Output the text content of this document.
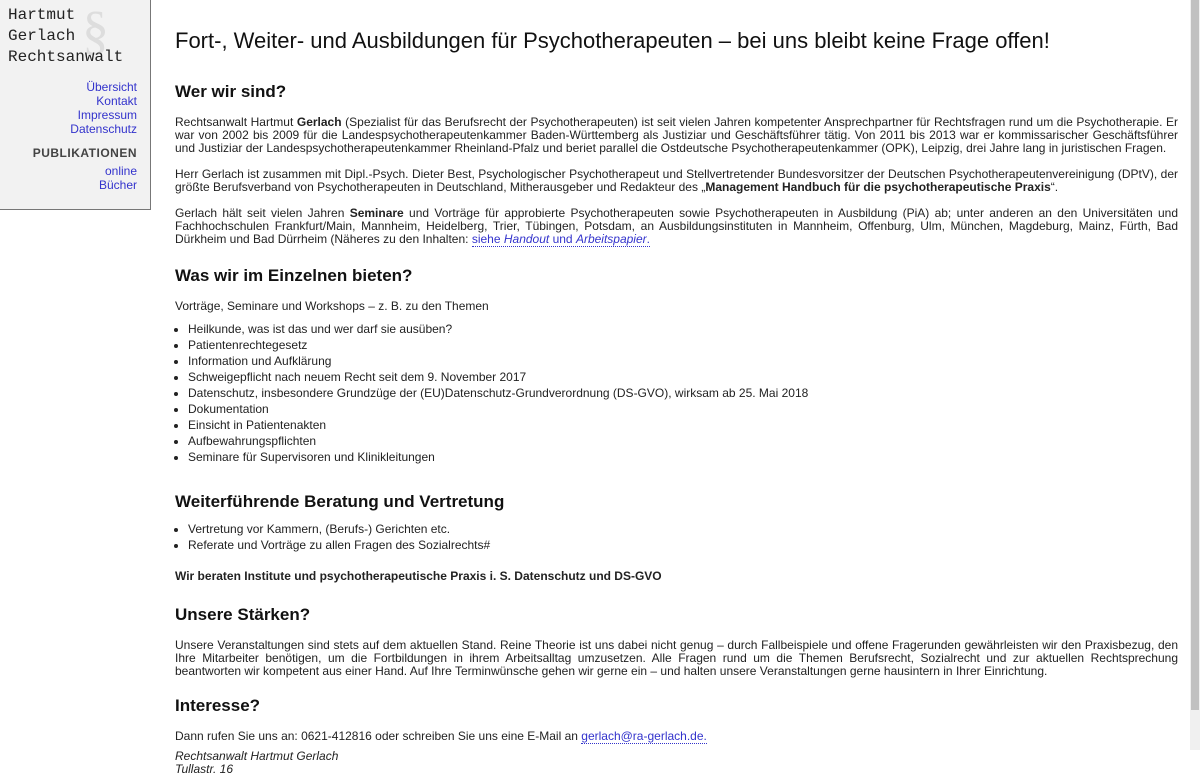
§
Hartmut
Gerlach
Rechtsanwalt
Übersicht
Kontakt
Impressum
Datenschutz
PUBLIKATIONEN
online
Bücher
Fort-, Weiter- und Ausbildungen für Psychotherapeuten – bei uns bleibt keine Frage offen!
Wer wir sind?

Rechtsanwalt Hartmut Gerlach (Spezialist für das Berufsrecht der Psychotherapeuten) ist seit vielen Jahren kompetenter Ansprechpartner für Rechtsfragen rund um die Psychotherapie. Er war von 2002 bis 2009 für die Landespsychotherapeutenkammer Baden-Württemberg als Justiziar und Geschäftsführer tätig. Von 2011 bis 2013 war er kommissarischer Geschäftsführer und Justiziar der Landespsychotherapeutenkammer Rheinland-Pfalz und beriet parallel die Ostdeutsche Psychotherapeutenkammer (OPK), Leipzig, drei Jahre lang in juristischen Fragen.

Herr Gerlach ist zusammen mit Dipl.-Psych. Dieter Best, Psychologischer Psychotherapeut und Stellvertretender Bundesvorsitzer der Deutschen Psychotherapeutenvereinigung (DPtV), der größte Berufsverband von Psychotherapeuten in Deutschland, Mitherausgeber und Redakteur des „Management Handbuch für die psychotherapeutische Praxis“.

Gerlach hält seit vielen Jahren Seminare und Vorträge für approbierte Psychotherapeuten sowie Psychotherapeuten in Ausbildung (PiA) ab; unter anderen an den Universitäten und Fachhochschulen Frankfurt/Main, Mannheim, Heidelberg, Trier, Tübingen, Potsdam, an Ausbildungsinstituten in Mannheim, Offenburg, Ulm, München, Magdeburg, Mainz, Fürth, Bad Dürkheim und Bad Dürrheim (Näheres zu den Inhalten: siehe Handout und Arbeitspapier.

Was wir im Einzelnen bieten?

Vorträge, Seminare und Workshops – z. B. zu den Themen

• Heilkunde, was ist das und wer darf sie ausüben?
• Patientenrechtegesetz
• Information und Aufklärung
• Schweigepflicht nach neuem Recht seit dem 9. November 2017
• Datenschutz, insbesondere Grundzüge der (EU)Datenschutz-Grundverordnung (DS-GVO), wirksam ab 25. Mai 2018
• Dokumentation
• Einsicht in Patientenakten
• Aufbewahrungspflichten
• Seminare für Supervisoren und Klinikleitungen
Weiterführende Beratung und Vertretung
• Vertretung vor Kammern, (Berufs-) Gerichten etc.
• Referate und Vorträge zu allen Fragen des Sozialrechts#

Wir beraten Institute und psychotherapeutische Praxis i. S. Datenschutz und DS-GVO

Unsere Stärken?

Unsere Veranstaltungen sind stets auf dem aktuellen Stand. Reine Theorie ist uns dabei nicht genug – durch Fallbeispiele und offene Fragerunden gewährleisten wir den Praxisbezug, den Ihre Mitarbeiter benötigen, um die Fortbildungen in ihrem Arbeitsalltag umzusetzen. Alle Fragen rund um die Themen Berufsrecht, Sozialrecht und zur aktuellen Rechtsprechung beantworten wir kompetent aus einer Hand. Auf Ihre Terminwünsche gehen wir gerne ein – und halten unsere Veranstaltungen gerne hausintern in Ihrer Einrichtung.

Interesse?

Dann rufen Sie uns an: 0621-412816 oder schreiben Sie uns eine E-Mail an gerlach@ra-gerlach.de.

Rechtsanwalt Hartmut Gerlach
Tullastr. 16
